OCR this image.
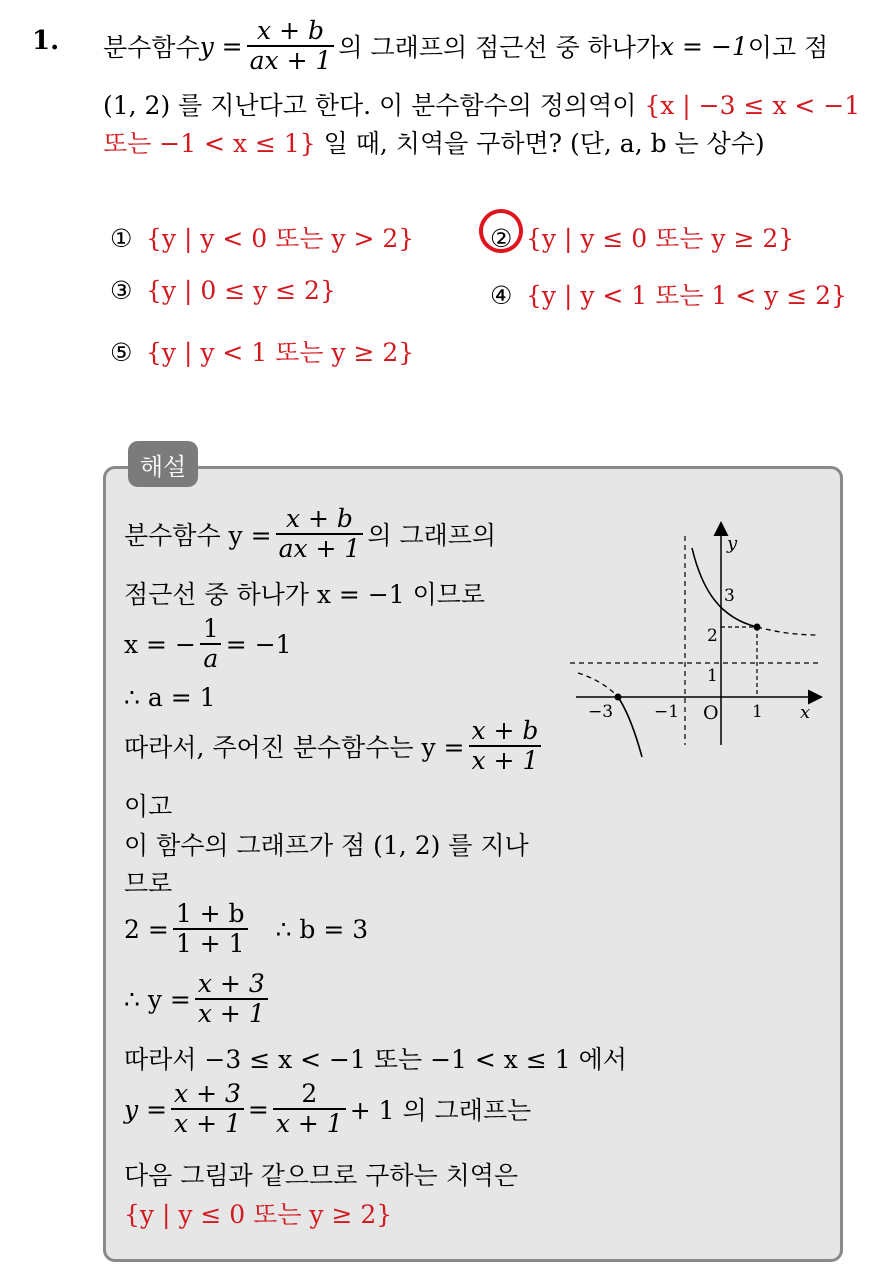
1. 분수함수 $y = \frac{x + b}{ax + 1}$ 의 그래프의 점근선 중 하나가 x = −1 이고 점
(1, 2) 를 지난다고 한다. 이 분수함수의 정의역이 {x | −3 ≤ x < −1
또는 −1 < x ≤ 1} 일 때, 치역을 구하면? (단, a, b 는 상수)
① {y | y < 0 또는 y > 2}	② {y | y ≤ 0 또는 y ≥ 2}
③ {y | 0 ≤ y ≤ 2}	④ {y | y < 1 또는 1 < y ≤ 2}
⑤ {y | y < 1 또는 y ≥ 2}
해설
분수함수 $y = \frac{x + b}{ax + 1}$ 의 그래프의
점근선 중 하나가 x = −1 이므로
x = − $\frac{1}{a} = -1$
∴ a = 1
따라서, 주어진 분수함수는 $y = \frac{x + b}{x + 1}$
이고
이 함수의 그래프가 점 (1, 2) 를 지나
므로
$2 = \frac{1 + b}{1 + 1}$ ∴ b = 3
∴ $y = \frac{x + 3}{x + 1}$
따라서 −3 ≤ x < −1 또는 −1 < x ≤ 1 에서
$y = \frac{x + 3}{x + 1} = \frac{2}{x + 1} + 1$ 의 그래프는
다음 그림과 같으므로 구하는 치역은
{y | y ≤ 0 또는 y ≥ 2}
y
x
3
2
1
−3 −1 O 1
